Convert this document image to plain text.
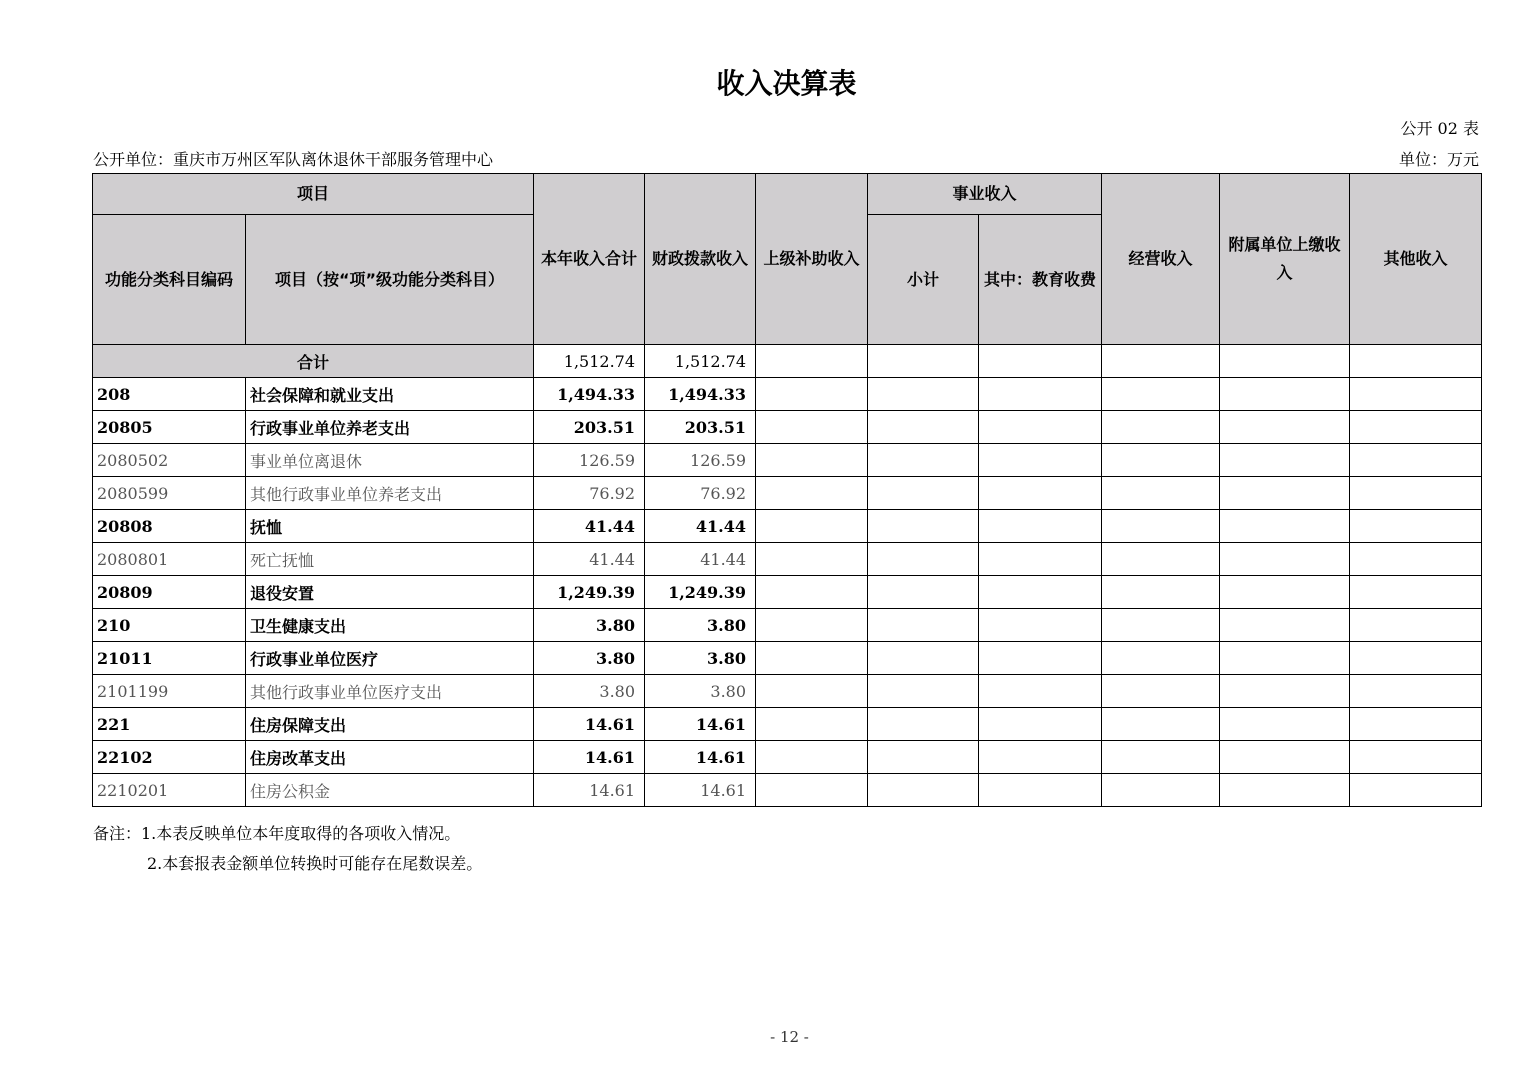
收入决算表
公开 02 表
公开单位：重庆市万州区军队离休退休干部服务管理中心	单位：万元
项目		本年收入合计	财政拨款收入	上级补助收入	事业收入		经营收入	附属单位上缴收入	其他收入
功能分类科目编码	项目（按“项”级功能分类科目）				小计	其中：教育收费			
合计		1,512.74	1,512.74						
208	社会保障和就业支出	1,494.33	1,494.33						
20805	行政事业单位养老支出	203.51	203.51						
2080502	事业单位离退休	126.59	126.59						
2080599	其他行政事业单位养老支出	76.92	76.92						
20808	抚恤	41.44	41.44						
2080801	死亡抚恤	41.44	41.44						
20809	退役安置	1,249.39	1,249.39						
210	卫生健康支出	3.80	3.80						
21011	行政事业单位医疗	3.80	3.80						
2101199	其他行政事业单位医疗支出	3.80	3.80						
221	住房保障支出	14.61	14.61						
22102	住房改革支出	14.61	14.61						
2210201	住房公积金	14.61	14.61						
备注：1.本表反映单位本年度取得的各项收入情况。
2.本套报表金额单位转换时可能存在尾数误差。
- 12 -
